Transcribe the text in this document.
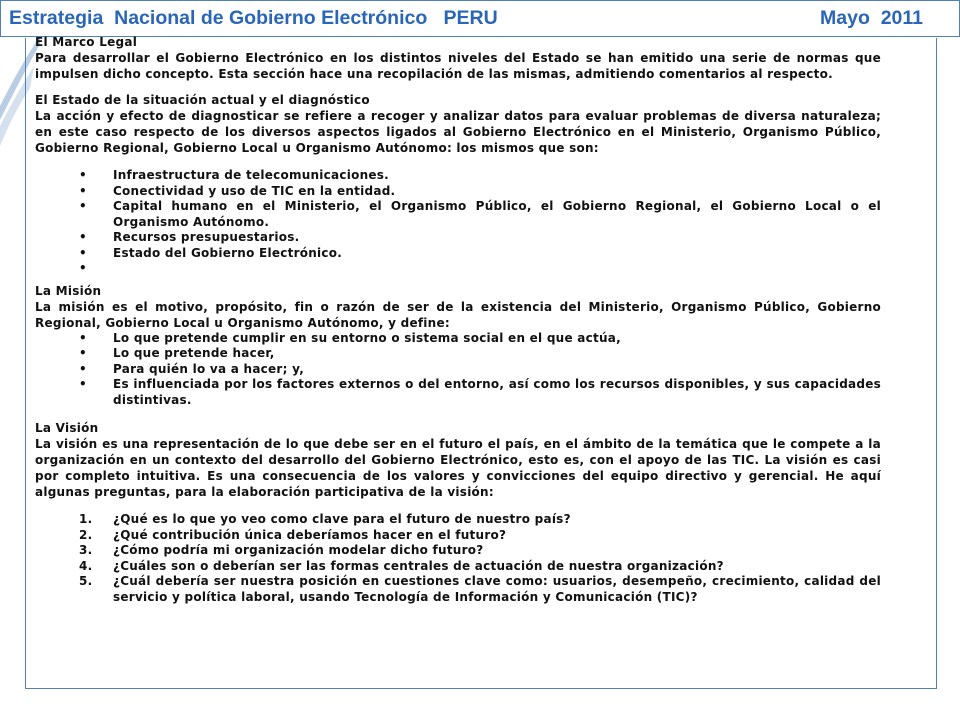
Estrategia  Nacional de Gobierno Electrónico   PERU	Mayo  2011
El Marco Legal

Para desarrollar el Gobierno Electrónico en los distintos niveles del Estado se han emitido una serie de normas que impulsen dicho concepto. Esta sección hace una recopilación de las mismas, admitiendo comentarios al respecto.

El Estado de la situación actual y el diagnóstico

La acción y efecto de diagnosticar se refiere a recoger y analizar datos para evaluar problemas de diversa naturaleza; en este caso respecto de los diversos aspectos ligados al Gobierno Electrónico en el Ministerio, Organismo Público, Gobierno Regional, Gobierno Local u Organismo Autónomo: los mismos que son:

• Infraestructura de telecomunicaciones.
• Conectividad y uso de TIC en la entidad.
• Capital humano en el Ministerio, el Organismo Público, el Gobierno Regional, el Gobierno Local o el Organismo Autónomo.
• Recursos presupuestarios.
• Estado del Gobierno Electrónico.
•

La Misión

La misión es el motivo, propósito, fin o razón de ser de la existencia del Ministerio, Organismo Público, Gobierno Regional, Gobierno Local u Organismo Autónomo, y define:

• Lo que pretende cumplir en su entorno o sistema social en el que actúa,
• Lo que pretende hacer,
• Para quién lo va a hacer; y,
• Es influenciada por los factores externos o del entorno, así como los recursos disponibles, y sus capacidades distintivas.
La Visión

La visión es una representación de lo que debe ser en el futuro el país, en el ámbito de la temática que le compete a la organización en un contexto del desarrollo del Gobierno Electrónico, esto es, con el apoyo de las TIC. La visión es casi por completo intuitiva. Es una consecuencia de los valores y convicciones del equipo directivo y gerencial. He aquí algunas preguntas, para la elaboración participativa de la visión:

1. ¿Qué es lo que yo veo como clave para el futuro de nuestro país?
2. ¿Qué contribución única deberíamos hacer en el futuro?
3. ¿Cómo podría mi organización modelar dicho futuro?
4. ¿Cuáles son o deberían ser las formas centrales de actuación de nuestra organización?
5. ¿Cuál debería ser nuestra posición en cuestiones clave como: usuarios, desempeño, crecimiento, calidad del servicio y política laboral, usando Tecnología de Información y Comunicación (TIC)?
